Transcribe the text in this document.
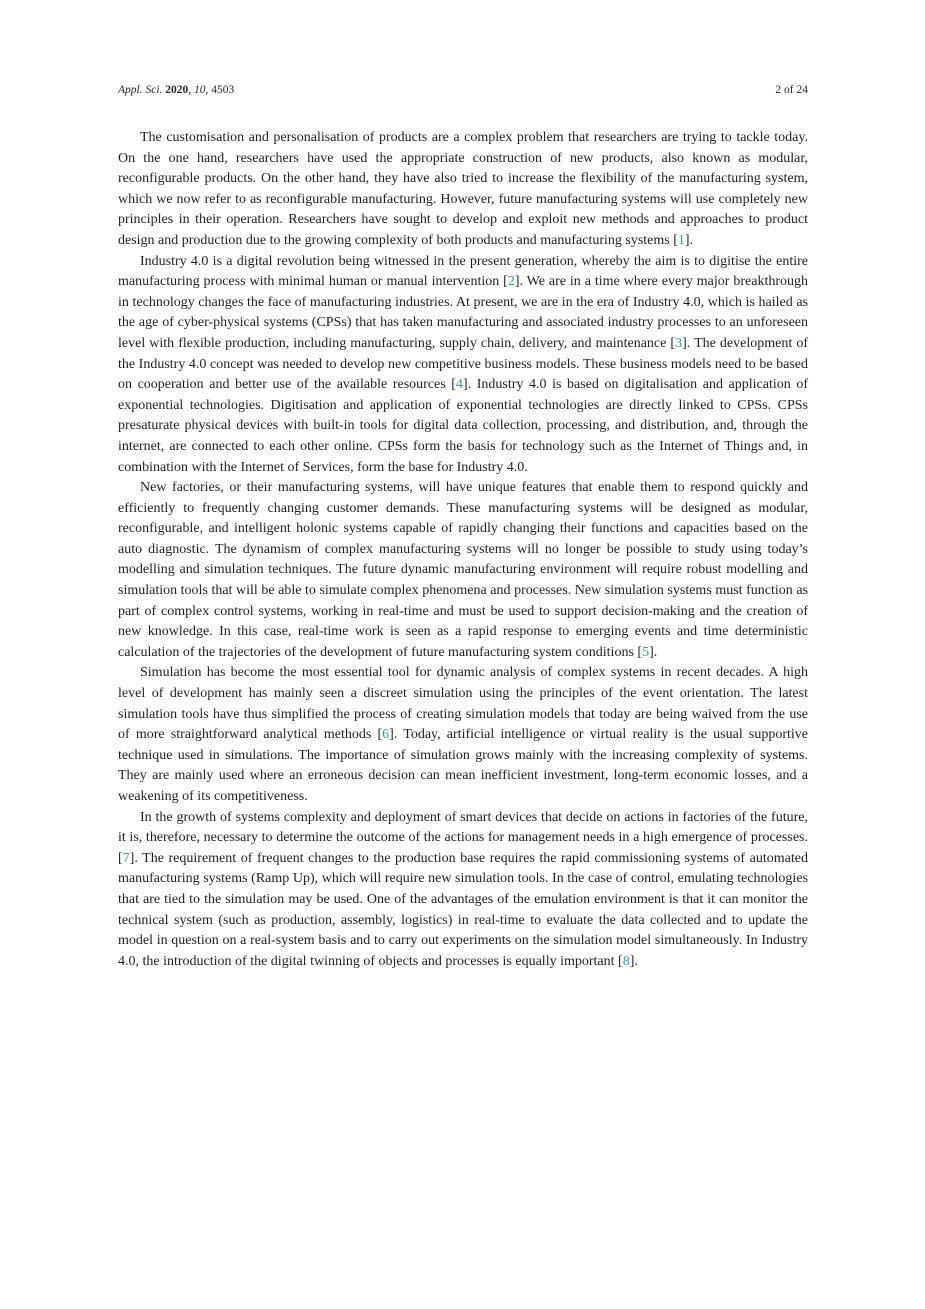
Appl. Sci. 2020, 10, 4503	2 of 24

The customisation and personalisation of products are a complex problem that researchers are trying to tackle today. On the one hand, researchers have used the appropriate construction of new products, also known as modular, reconfigurable products. On the other hand, they have also tried to increase the flexibility of the manufacturing system, which we now refer to as reconfigurable manufacturing. However, future manufacturing systems will use completely new principles in their operation. Researchers have sought to develop and exploit new methods and approaches to product design and production due to the growing complexity of both products and manufacturing systems [1].

Industry 4.0 is a digital revolution being witnessed in the present generation, whereby the aim is to digitise the entire manufacturing process with minimal human or manual intervention [2]. We are in a time where every major breakthrough in technology changes the face of manufacturing industries. At present, we are in the era of Industry 4.0, which is hailed as the age of cyber-physical systems (CPSs) that has taken manufacturing and associated industry processes to an unforeseen level with flexible production, including manufacturing, supply chain, delivery, and maintenance [3]. The development of the Industry 4.0 concept was needed to develop new competitive business models. These business models need to be based on cooperation and better use of the available resources [4]. Industry 4.0 is based on digitalisation and application of exponential technologies. Digitisation and application of exponential technologies are directly linked to CPSs. CPSs presaturate physical devices with built-in tools for digital data collection, processing, and distribution, and, through the internet, are connected to each other online. CPSs form the basis for technology such as the Internet of Things and, in combination with the Internet of Services, form the base for Industry 4.0.

New factories, or their manufacturing systems, will have unique features that enable them to respond quickly and efficiently to frequently changing customer demands. These manufacturing systems will be designed as modular, reconfigurable, and intelligent holonic systems capable of rapidly changing their functions and capacities based on the auto diagnostic. The dynamism of complex manufacturing systems will no longer be possible to study using today’s modelling and simulation techniques. The future dynamic manufacturing environment will require robust modelling and simulation tools that will be able to simulate complex phenomena and processes. New simulation systems must function as part of complex control systems, working in real-time and must be used to support decision-making and the creation of new knowledge. In this case, real-time work is seen as a rapid response to emerging events and time deterministic calculation of the trajectories of the development of future manufacturing system conditions [5].

Simulation has become the most essential tool for dynamic analysis of complex systems in recent decades. A high level of development has mainly seen a discreet simulation using the principles of the event orientation. The latest simulation tools have thus simplified the process of creating simulation models that today are being waived from the use of more straightforward analytical methods [6]. Today, artificial intelligence or virtual reality is the usual supportive technique used in simulations. The importance of simulation grows mainly with the increasing complexity of systems. They are mainly used where an erroneous decision can mean inefficient investment, long-term economic losses, and a weakening of its competitiveness.

In the growth of systems complexity and deployment of smart devices that decide on actions in factories of the future, it is, therefore, necessary to determine the outcome of the actions for management needs in a high emergence of processes. [7]. The requirement of frequent changes to the production base requires the rapid commissioning systems of automated manufacturing systems (Ramp Up), which will require new simulation tools. In the case of control, emulating technologies that are tied to the simulation may be used. One of the advantages of the emulation environment is that it can monitor the technical system (such as production, assembly, logistics) in real-time to evaluate the data collected and to update the model in question on a real-system basis and to carry out experiments on the simulation model simultaneously. In Industry 4.0, the introduction of the digital twinning of objects and processes is equally important [8].
